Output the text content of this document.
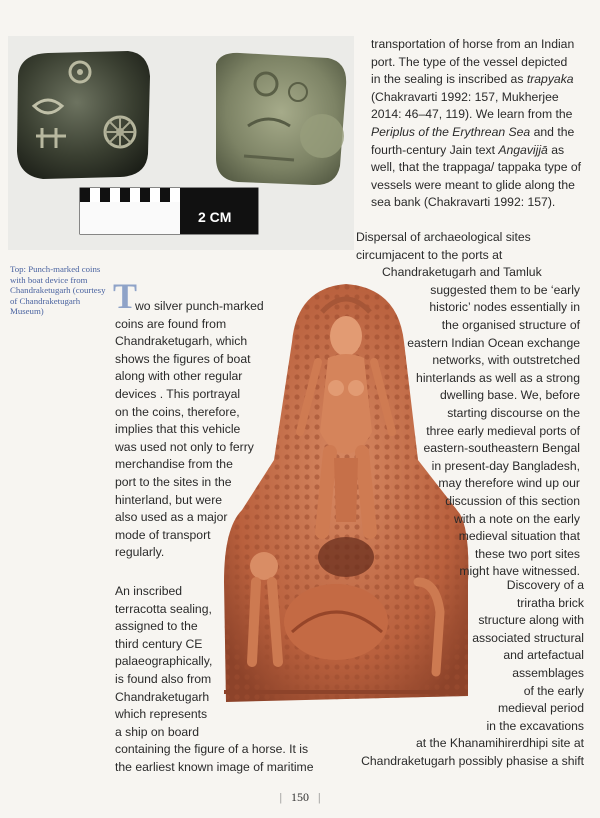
2 CM
Top: Punch-marked coins
with boat device from
Chandraketugarh (courtesy
of Chandraketugarh
Museum)
transportation of horse from an Indian
port. The type of the vessel depicted
in the sealing is inscribed as trapyaka
(Chakravarti 1992: 157, Mukherjee
2014: 46–47, 119). We learn from the
Periplus of the Erythrean Sea and the
fourth-century Jain text Angavijjā as
well, that the trappaga/ tappaka type of
vessels were meant to glide along the
sea bank (Chakravarti 1992: 157).
T
wo silver punch-marked
coins are found from
Chandraketugarh, which
shows the figures of boat
along with other regular
devices . This portrayal
on the coins, therefore,
implies that this vehicle
was used not only to ferry
merchandise from the
port to the sites in the
hinterland, but were
also used as a major
mode of transport
regularly.
Dispersal of archaeological sites
circumjacent to the ports at
Chandraketugarh and Tamluk
suggested them to be ‘early
historic’ nodes essentially in
the organised structure of
eastern Indian Ocean exchange
networks, with outstretched
hinterlands as well as a strong
dwelling base. We, before
starting discourse on the
three early medieval ports of
eastern-southeastern Bengal
in present-day Bangladesh,
may therefore wind up our
discussion of this section
with a note on the early
medieval situation that
these two port sites
might have witnessed.
An inscribed
terracotta sealing,
assigned to the
third century CE
palaeographically,
is found also from
Chandraketugarh
which represents
a ship on board
containing the figure of a horse. It is
the earliest known image of maritime
Discovery of a
triratha brick
structure along with
associated structural
and artefactual
assemblages
of the early
medieval period
in the excavations
at the Khanamihirerdhipi site at
Chandraketugarh possibly phasise a shift
| 150 |
